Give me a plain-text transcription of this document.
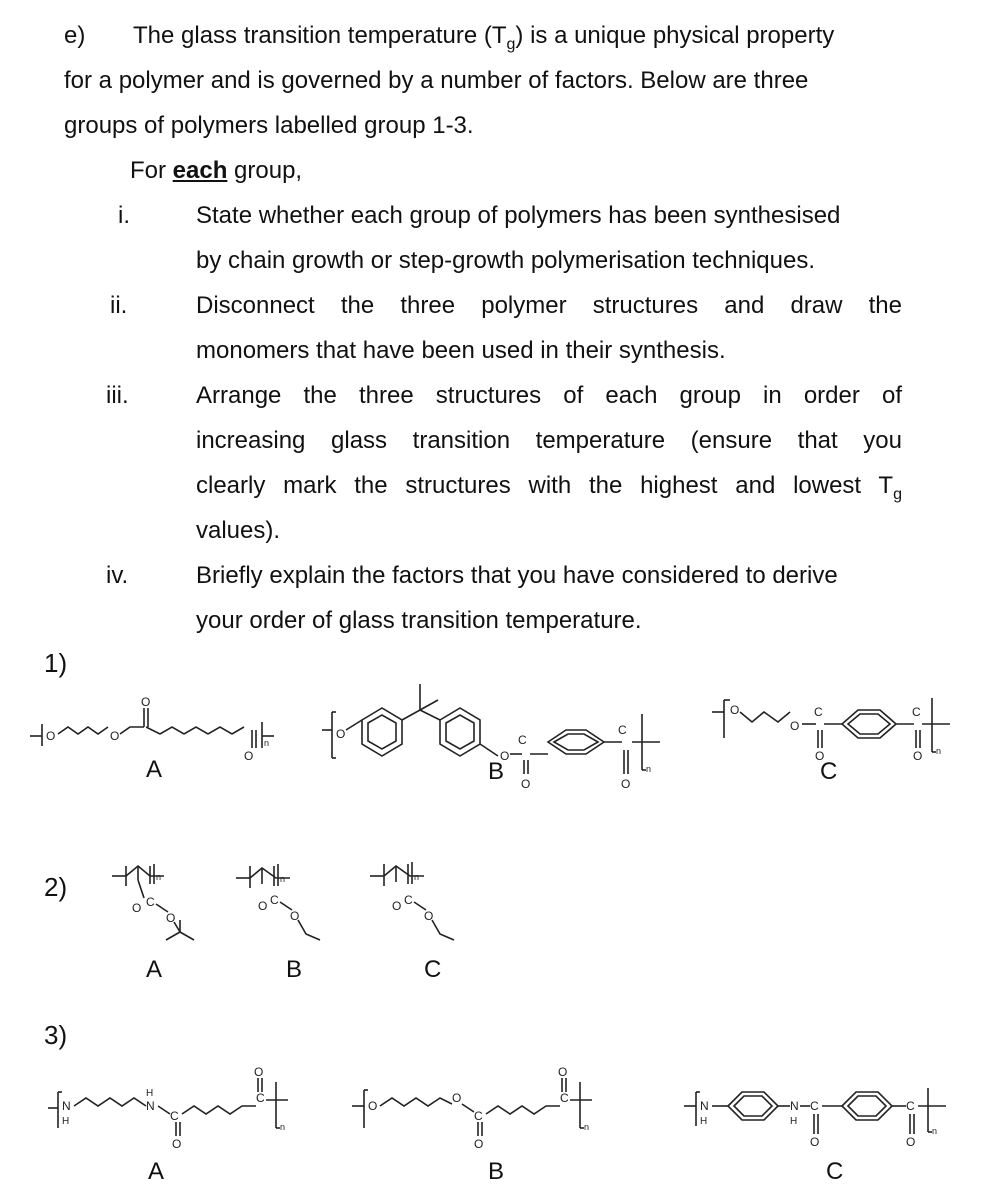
e) The glass transition temperature $(T_g)$ is a unique physical property
for a polymer and is governed by a number of factors. Below are three
groups of polymers labelled group 1-3.
For each group,
i.	State whether each group of polymers has been synthesised
by chain growth or step-growth polymerisation techniques.
ii.	Disconnect the three polymer structures and draw the
monomers that have been used in their synthesis.
iii.	Arrange the three structures of each group in order of
increasing glass transition temperature (ensure that you
clearly mark the structures with the highest and lowest $T_g$
values).
iv.	Briefly explain the factors that you have considered to derive
your order of glass transition temperature.
1)
2)
3)
A	B	C
A	B	C
A	B	C
O	O
O
O
n
O
O
C
O
C
O
n
O
O
C
O
C
O n
n
O C
O
n
O C
O
n
O C
O
N
H
H
N
C
O
C
O
n
O
O
C
O
C
O
n
N
H
N
H
C
O
C
O
n
